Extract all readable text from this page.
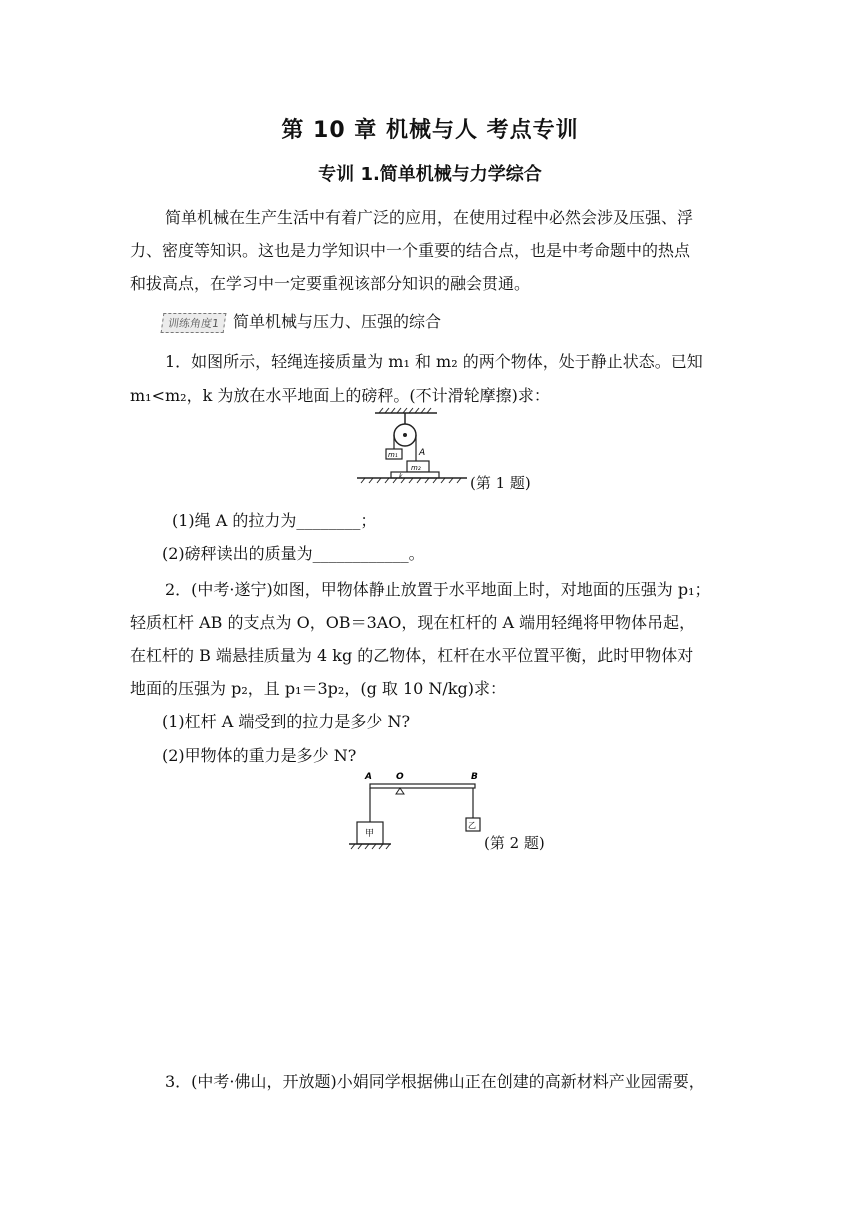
第 10 章 机械与人 考点专训
专训 1.简单机械与力学综合
简单机械在生产生活中有着广泛的应用，在使用过程中必然会涉及压强、浮
力、密度等知识。这也是力学知识中一个重要的结合点，也是中考命题中的热点
和拔高点，在学习中一定要重视该部分知识的融会贯通。
训练角度1 简单机械与压力、压强的综合
1．如图所示，轻绳连接质量为 m₁ 和 m₂ 的两个物体，处于静止状态。已知
m₁<m₂，k 为放在水平地面上的磅秤。(不计滑轮摩擦)求：
A
m₁
m₂
k	(第 1 题)
(1)绳 A 的拉力为________；
(2)磅秤读出的质量为____________。
2．(中考·遂宁)如图，甲物体静止放置于水平地面上时，对地面的压强为 p₁；
轻质杠杆 AB 的支点为 O，OB＝3AO，现在杠杆的 A 端用轻绳将甲物体吊起，
在杠杆的 B 端悬挂质量为 4 kg 的乙物体，杠杆在水平位置平衡，此时甲物体对
地面的压强为 p₂，且 p₁＝3p₂，(g 取 10 N/kg)求：
(1)杠杆 A 端受到的拉力是多少 N?
(2)甲物体的重力是多少 N?
A	O	B
甲
乙
(第 2 题)
3．(中考·佛山，开放题)小娟同学根据佛山正在创建的高新材料产业园需要，
